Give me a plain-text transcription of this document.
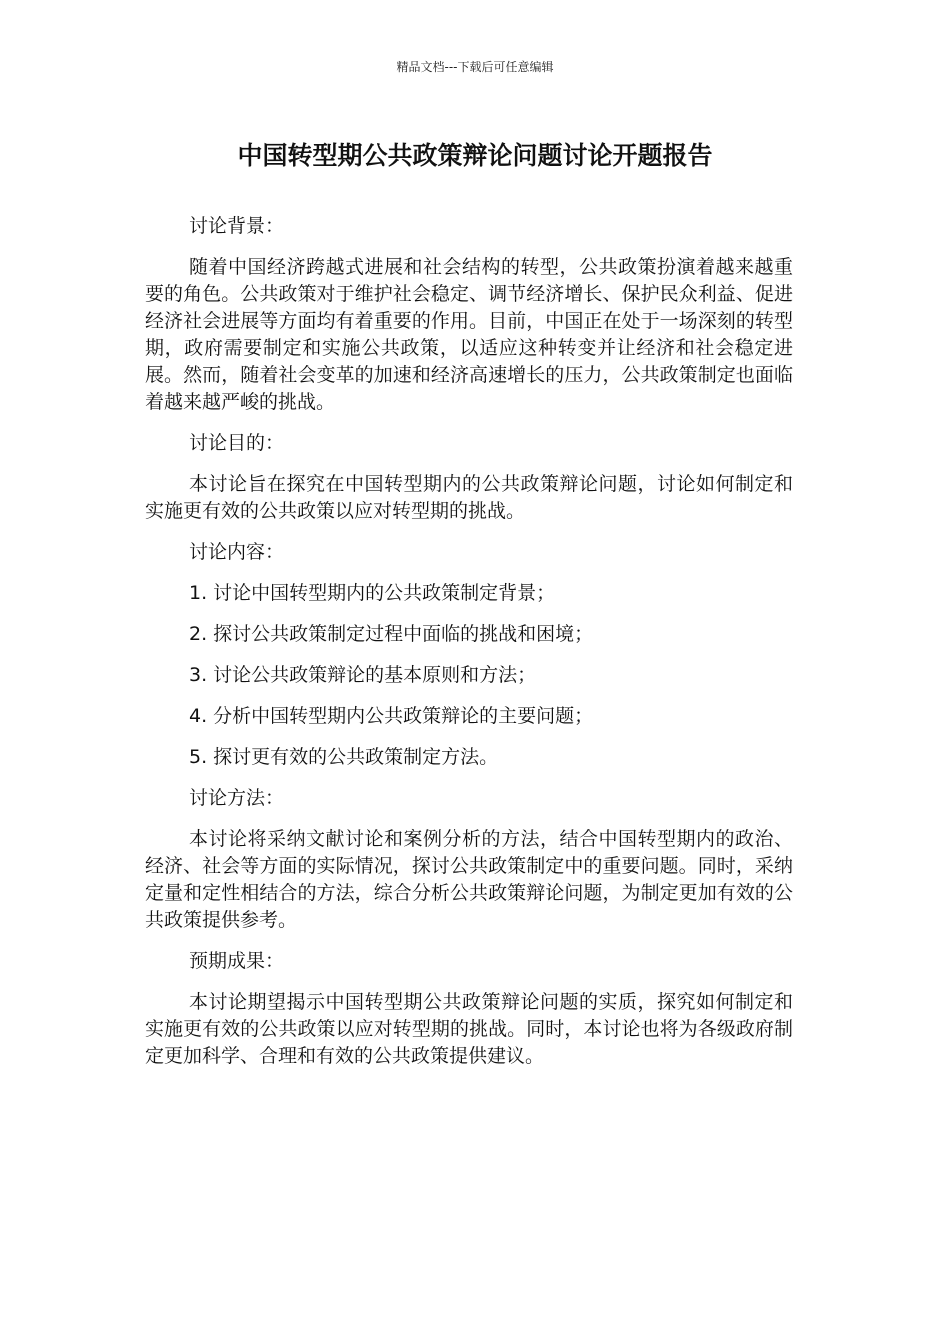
精品文档---下载后可任意编辑
中国转型期公共政策辩论问题讨论开题报告
讨论背景：

随着中国经济跨越式进展和社会结构的转型，公共政策扮演着越来越重要的角色。公共政策对于维护社会稳定、调节经济增长、保护民众利益、促进经济社会进展等方面均有着重要的作用。目前，中国正在处于一场深刻的转型期，政府需要制定和实施公共政策，以适应这种转变并让经济和社会稳定进展。然而，随着社会变革的加速和经济高速增长的压力，公共政策制定也面临着越来越严峻的挑战。

讨论目的：

本讨论旨在探究在中国转型期内的公共政策辩论问题，讨论如何制定和实施更有效的公共政策以应对转型期的挑战。

讨论内容：
1. 讨论中国转型期内的公共政策制定背景；
2. 探讨公共政策制定过程中面临的挑战和困境；
3. 讨论公共政策辩论的基本原则和方法；
4. 分析中国转型期内公共政策辩论的主要问题；
5. 探讨更有效的公共政策制定方法。
讨论方法：

本讨论将采纳文献讨论和案例分析的方法，结合中国转型期内的政治、经济、社会等方面的实际情况，探讨公共政策制定中的重要问题。同时，采纳定量和定性相结合的方法，综合分析公共政策辩论问题，为制定更加有效的公共政策提供参考。

预期成果：

本讨论期望揭示中国转型期公共政策辩论问题的实质，探究如何制定和实施更有效的公共政策以应对转型期的挑战。同时，本讨论也将为各级政府制定更加科学、合理和有效的公共政策提供建议。
